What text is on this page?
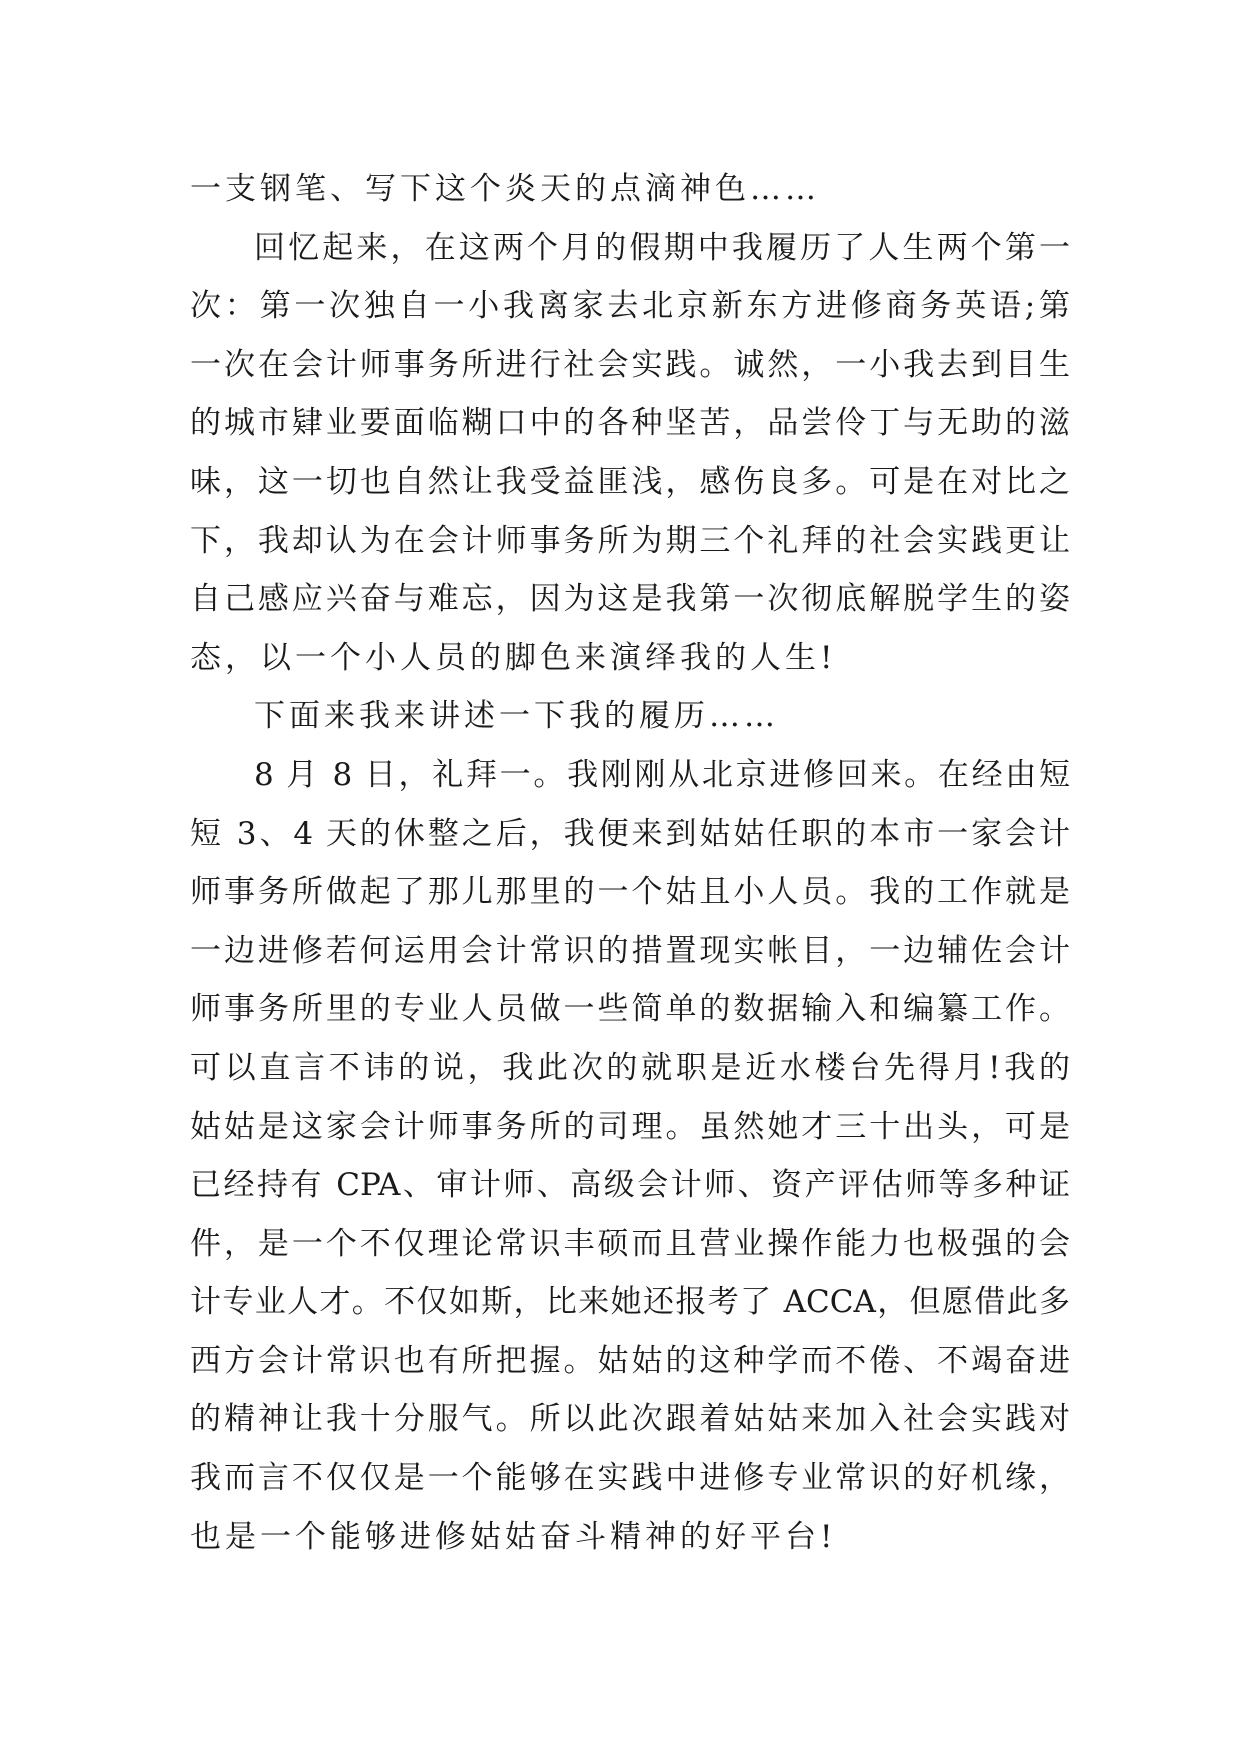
一支钢笔、写下这个炎天的点滴神色……
回忆起来，在这两个月的假期中我履历了人生两个第一
次：第一次独自一小我离家去北京新东方进修商务英语;第
一次在会计师事务所进行社会实践。诚然，一小我去到目生
的城市肄业要面临糊口中的各种坚苦，品尝伶丁与无助的滋
味，这一切也自然让我受益匪浅，感伤良多。可是在对比之
下，我却认为在会计师事务所为期三个礼拜的社会实践更让
自己感应兴奋与难忘，因为这是我第一次彻底解脱学生的姿
态，以一个小人员的脚色来演绎我的人生!
下面来我来讲述一下我的履历……
8 月 8 日，礼拜一。我刚刚从北京进修回来。在经由短
短 3、4 天的休整之后，我便来到姑姑任职的本市一家会计
师事务所做起了那儿那里的一个姑且小人员。我的工作就是
一边进修若何运用会计常识的措置现实帐目，一边辅佐会计
师事务所里的专业人员做一些简单的数据输入和编纂工作。
可以直言不讳的说，我此次的就职是近水楼台先得月!我的
姑姑是这家会计师事务所的司理。虽然她才三十出头，可是
已经持有 CPA、审计师、高级会计师、资产评估师等多种证
件，是一个不仅理论常识丰硕而且营业操作能力也极强的会
计专业人才。不仅如斯，比来她还报考了 ACCA，但愿借此多
西方会计常识也有所把握。姑姑的这种学而不倦、不竭奋进
的精神让我十分服气。所以此次跟着姑姑来加入社会实践对
我而言不仅仅是一个能够在实践中进修专业常识的好机缘，
也是一个能够进修姑姑奋斗精神的好平台!
